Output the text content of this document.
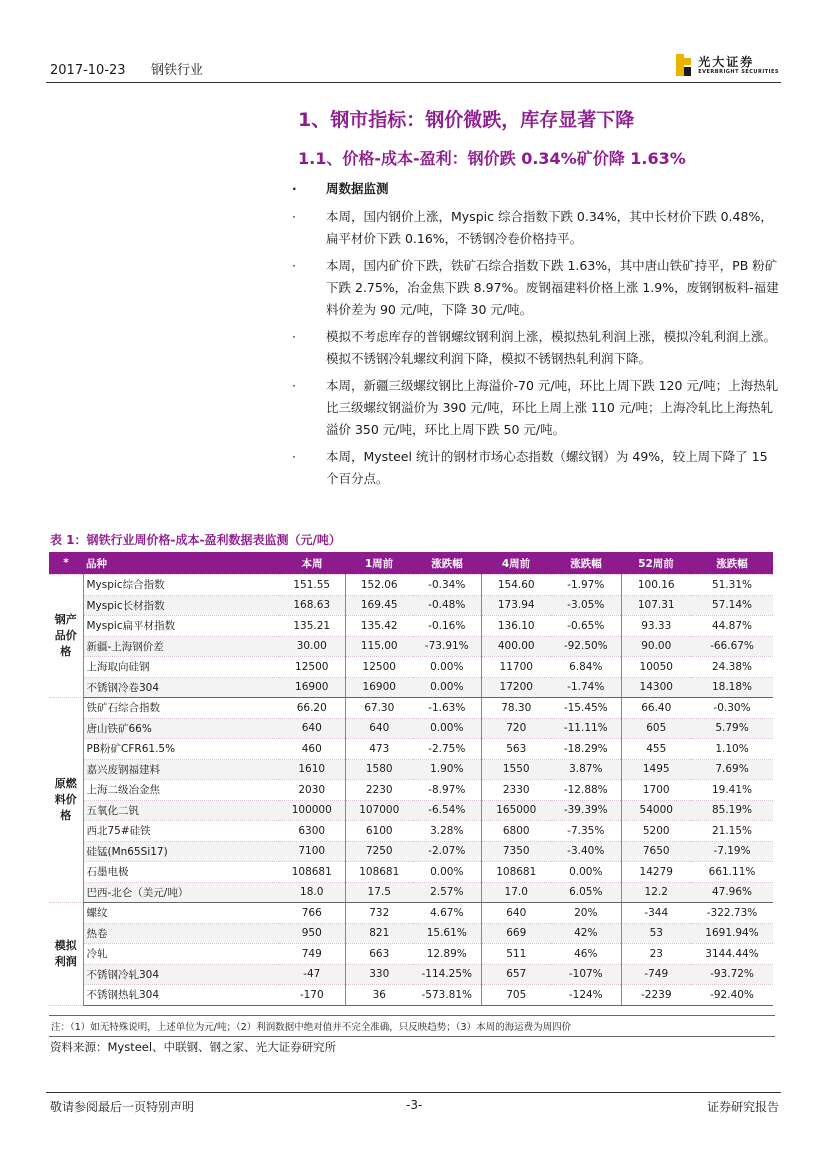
2017-10-23 钢铁行业
光大证券
EVERBRIGHT SECURITIES
1、钢市指标：钢价微跌，库存显著下降
1.1、价格-成本-盈利：钢价跌 0.34%矿价降 1.63%
· 周数据监测
· 本周，国内钢价上涨，Myspic 综合指数下跌 0.34%，其中长材价下跌 0.48%，扁平材价下跌 0.16%，不锈钢冷卷价格持平。
· 本周，国内矿价下跌，铁矿石综合指数下跌 1.63%，其中唐山铁矿持平，PB 粉矿下跌 2.75%，冶金焦下跌 8.97%。废钢福建料价格上涨 1.9%，废钢钢板料-福建料价差为 90 元/吨，下降 30 元/吨。
· 模拟不考虑库存的普钢螺纹钢利润上涨，模拟热轧利润上涨，模拟冷轧利润上涨。模拟不锈钢冷轧螺纹利润下降，模拟不锈钢热轧利润下降。
· 本周，新疆三级螺纹钢比上海溢价-70 元/吨，环比上周下跌 120 元/吨；上海热轧比三级螺纹钢溢价为 390 元/吨，环比上周上涨 110 元/吨；上海冷轧比上海热轧溢价 350 元/吨，环比上周下跌 50 元/吨。
· 本周，Mysteel 统计的钢材市场心态指数（螺纹钢）为 49%，较上周下降了 15 个百分点。
表 1：钢铁行业周价格-成本-盈利数据表监测（元/吨）
*	品种	本周	1周前	涨跌幅	4周前	涨跌幅	52周前	涨跌幅
钢产品价格	Myspic综合指数	151.55	152.06	-0.34%	154.60	-1.97%	100.16	51.31%
	Myspic长材指数	168.63	169.45	-0.48%	173.94	-3.05%	107.31	57.14%
	Myspic扁平材指数	135.21	135.42	-0.16%	136.10	-0.65%	93.33	44.87%
	新疆-上海钢价差	30.00	115.00	-73.91%	400.00	-92.50%	90.00	-66.67%
	上海取向硅钢	12500	12500	0.00%	11700	6.84%	10050	24.38%
	不锈钢冷卷304	16900	16900	0.00%	17200	-1.74%	14300	18.18%
原燃料价格	铁矿石综合指数	66.20	67.30	-1.63%	78.30	-15.45%	66.40	-0.30%
	唐山铁矿66%	640	640	0.00%	720	-11.11%	605	5.79%
	PB粉矿CFR61.5%	460	473	-2.75%	563	-18.29%	455	1.10%
	嘉兴废钢福建料	1610	1580	1.90%	1550	3.87%	1495	7.69%
	上海二级冶金焦	2030	2230	-8.97%	2330	-12.88%	1700	19.41%
	五氧化二钒	100000	107000	-6.54%	165000	-39.39%	54000	85.19%
	西北75#硅铁	6300	6100	3.28%	6800	-7.35%	5200	21.15%
	硅锰(Mn65Si17)	7100	7250	-2.07%	7350	-3.40%	7650	-7.19%
	石墨电极	108681	108681	0.00%	108681	0.00%	14279	661.11%
	巴西-北仑（美元/吨）	18.0	17.5	2.57%	17.0	6.05%	12.2	47.96%
模拟利润	螺纹	766	732	4.67%	640	20%	-344	-322.73%
	热卷	950	821	15.61%	669	42%	53	1691.94%
	冷轧	749	663	12.89%	511	46%	23	3144.44%
	不锈钢冷轧304	-47	330	-114.25%	657	-107%	-749	-93.72%
	不锈钢热轧304	-170	36	-573.81%	705	-124%	-2239	-92.40%
注：（1）如无特殊说明，上述单位为元/吨；（2）利润数据中绝对值并不完全准确，只反映趋势；（3）本周的海运费为周四价
资料来源：Mysteel、中联钢、钢之家、光大证券研究所
敬请参阅最后一页特别声明	-3-	证券研究报告
